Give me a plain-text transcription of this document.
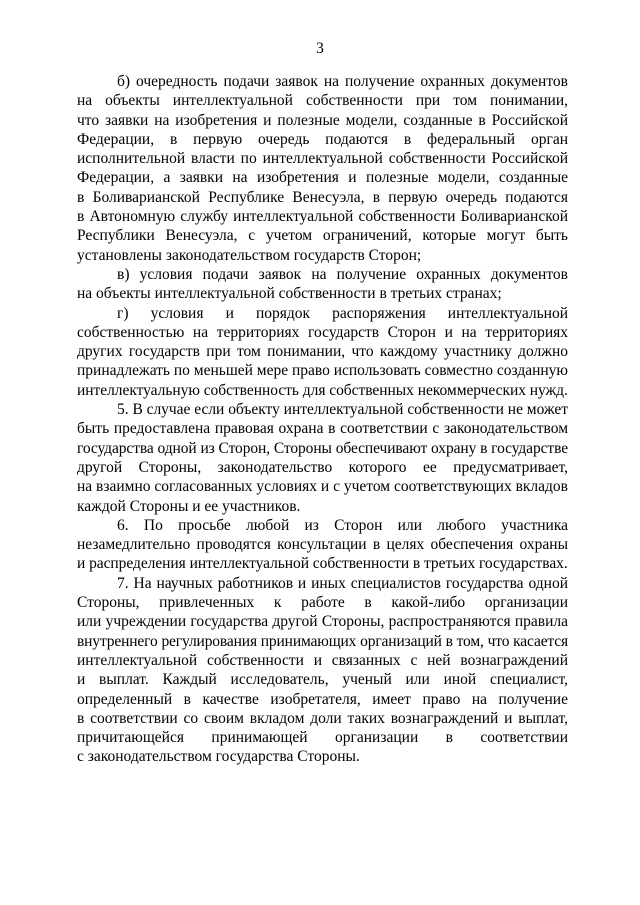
3

б) очередность подачи заявок на получение охранных документов
на объекты интеллектуальной собственности при том понимании,
что заявки на изобретения и полезные модели, созданные в Российской
Федерации, в первую очередь подаются в федеральный орган
исполнительной власти по интеллектуальной собственности Российской
Федерации, а заявки на изобретения и полезные модели, созданные
в Боливарианской Республике Венесуэла, в первую очередь подаются
в Автономную службу интеллектуальной собственности Боливарианской
Республики Венесуэла, с учетом ограничений, которые могут быть
установлены законодательством государств Сторон;

в) условия подачи заявок на получение охранных документов
на объекты интеллектуальной собственности в третьих странах;

г) условия и порядок распоряжения интеллектуальной
собственностью на территориях государств Сторон и на территориях
других государств при том понимании, что каждому участнику должно
принадлежать по меньшей мере право использовать совместно созданную
интеллектуальную собственность для собственных некоммерческих нужд.

5. В случае если объекту интеллектуальной собственности не может
быть предоставлена правовая охрана в соответствии с законодательством
государства одной из Сторон, Стороны обеспечивают охрану в государстве
другой Стороны, законодательство которого ее предусматривает,
на взаимно согласованных условиях и с учетом соответствующих вкладов
каждой Стороны и ее участников.

6. По просьбе любой из Сторон или любого участника
незамедлительно проводятся консультации в целях обеспечения охраны
и распределения интеллектуальной собственности в третьих государствах.

7. На научных работников и иных специалистов государства одной
Стороны, привлеченных к работе в какой-либо организации
или учреждении государства другой Стороны, распространяются правила
внутреннего регулирования принимающих организаций в том, что касается
интеллектуальной собственности и связанных с ней вознаграждений
и выплат. Каждый исследователь, ученый или иной специалист,
определенный в качестве изобретателя, имеет право на получение
в соответствии со своим вкладом доли таких вознаграждений и выплат,
причитающейся принимающей организации в соответствии
с законодательством государства Стороны.
